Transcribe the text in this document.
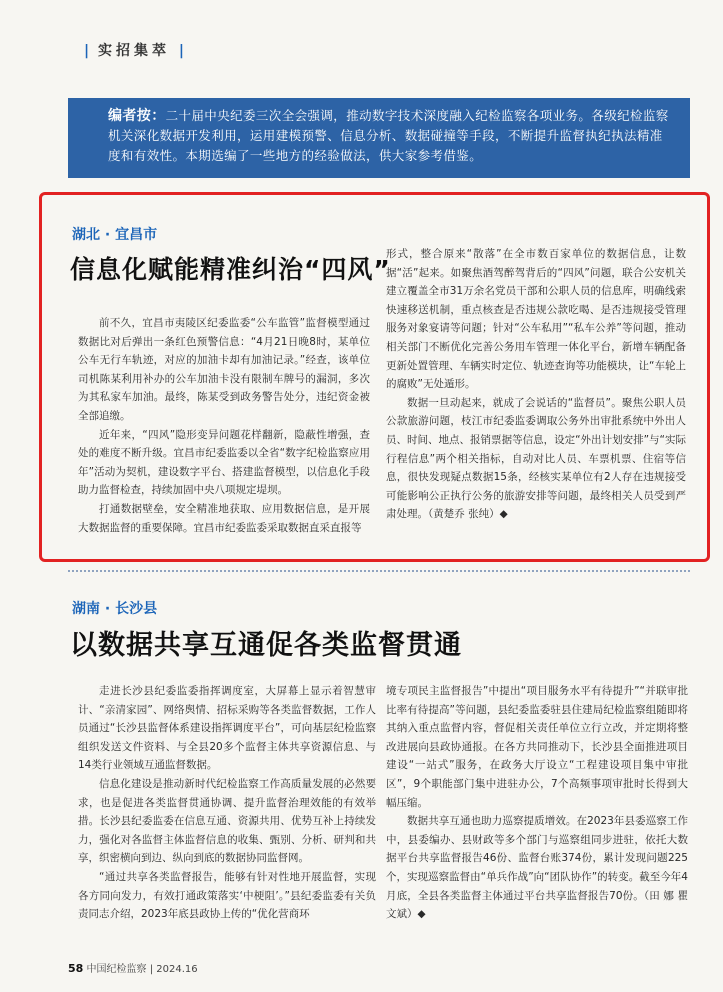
| 实招集萃 |
编者按：二十届中央纪委三次全会强调，推动数字技术深度融入纪检监察各项业务。各级纪检监察机关深化数据开发利用，运用建模预警、信息分析、数据碰撞等手段，不断提升监督执纪执法精准度和有效性。本期选编了一些地方的经验做法，供大家参考借鉴。
湖北 · 宜昌市
信息化赋能精准纠治“四风”

前不久，宜昌市夷陵区纪委监委“公车监管”监督模型通过数据比对后弹出一条红色预警信息：“4月21日晚8时，某单位公车无行车轨迹，对应的加油卡却有加油记录。”经查，该单位司机陈某利用补办的公车加油卡没有限制车牌号的漏洞，多次为其私家车加油。最终，陈某受到政务警告处分，违纪资金被全部追缴。

近年来，“四风”隐形变异问题花样翻新，隐蔽性增强，查处的难度不断升级。宜昌市纪委监委以全省“数字纪检监察应用年”活动为契机，建设数字平台、搭建监督模型，以信息化手段助力监督检查，持续加固中央八项规定堤坝。

打通数据壁垒，安全精准地获取、应用数据信息，是开展大数据监督的重要保障。宜昌市纪委监委采取数据直采直报等

形式，整合原来“散落”在全市数百家单位的数据信息，让数据“活”起来。如聚焦酒驾醉驾背后的“四风”问题，联合公安机关建立覆盖全市31万余名党员干部和公职人员的信息库，明确线索快速移送机制，重点核查是否违规公款吃喝、是否违规接受管理服务对象宴请等问题；针对“公车私用”“私车公养”等问题，推动相关部门不断优化完善公务用车管理一体化平台，新增车辆配备更新处置管理、车辆实时定位、轨迹查询等功能模块，让“车轮上的腐败”无处遁形。

数据一旦动起来，就成了会说话的“监督员”。聚焦公职人员公款旅游问题，枝江市纪委监委调取公务外出审批系统中外出人员、时间、地点、报销票据等信息，设定“外出计划安排”与“实际行程信息”两个相关指标，自动对比人员、车票机票、住宿等信息，很快发现疑点数据15条，经核实某单位有2人存在违规接受可能影响公正执行公务的旅游安排等问题，最终相关人员受到严肃处理。（黄楚乔 张纯）◆

湖南 · 长沙县
以数据共享互通促各类监督贯通

走进长沙县纪委监委指挥调度室，大屏幕上显示着智慧审计、“亲清家园”、网络舆情、招标采购等各类监督数据，工作人员通过“长沙县监督体系建设指挥调度平台”，可向基层纪检监察组织发送文件资料、与全县20多个监督主体共享资源信息、与14类行业领域互通监督数据。

信息化建设是推动新时代纪检监察工作高质量发展的必然要求，也是促进各类监督贯通协调、提升监督治理效能的有效举措。长沙县纪委监委在信息互通、资源共用、优势互补上持续发力，强化对各监督主体监督信息的收集、甄别、分析、研判和共享，织密横向到边、纵向到底的数据协同监督网。

“通过共享各类监督报告，能够有针对性地开展监督，实现各方同向发力，有效打通政策落实‘中梗阻’。”县纪委监委有关负责同志介绍，2023年底县政协上传的“优化营商环

境专项民主监督报告”中提出“项目服务水平有待提升”“并联审批比率有待提高”等问题，县纪委监委驻县住建局纪检监察组随即将其纳入重点监督内容，督促相关责任单位立行立改，并定期将整改进展向县政协通报。在各方共同推动下，长沙县全面推进项目建设“一站式”服务，在政务大厅设立“工程建设项目集中审批区”，9个职能部门集中进驻办公，7个高频事项审批时长得到大幅压缩。

数据共享互通也助力巡察提质增效。在2023年县委巡察工作中，县委编办、县财政等多个部门与巡察组同步进驻，依托大数据平台共享监督报告46份、监督台账374份，累计发现问题225个，实现巡察监督由“单兵作战”向“团队协作”的转变。截至今年4月底，全县各类监督主体通过平台共享监督报告70份。（田 娜 瞿文斌）◆

58 中国纪检监察 | 2024.16
